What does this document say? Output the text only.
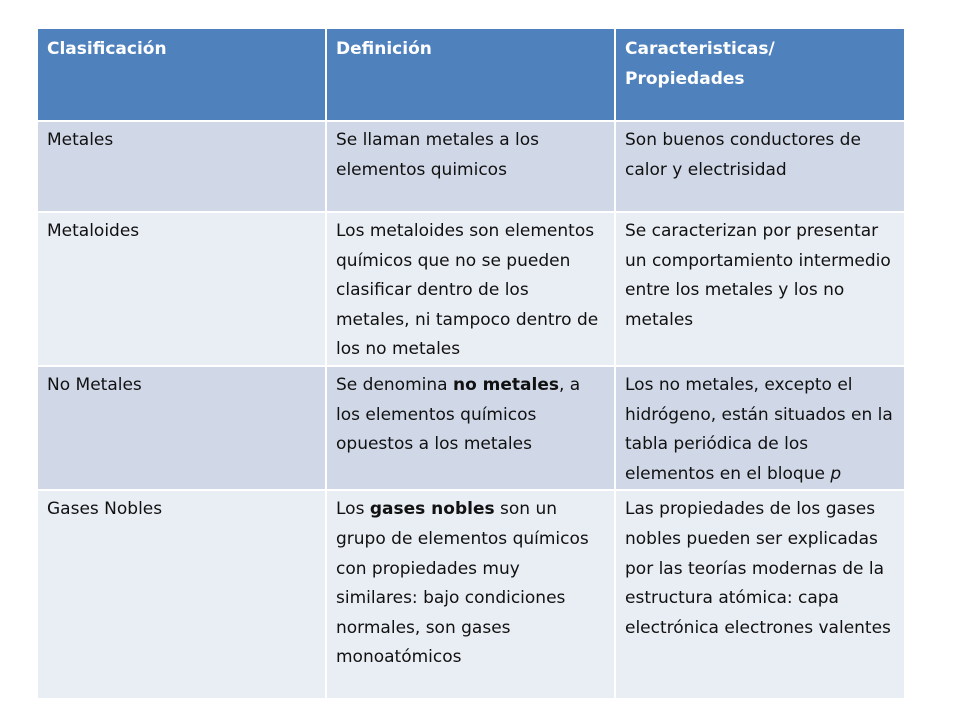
Clasificación	Definición	Caracteristicas/ Propiedades
Metales	Se llaman metales a los elementos quimicos	Son buenos conductores de calor y electrisidad
Metaloides	Los metaloides son elementos químicos que no se pueden clasificar dentro de los metales, ni tampoco dentro de los no metales	Se caracterizan por presentar un comportamiento intermedio entre los metales y los no metales
No Metales	Se denomina no metales, a los elementos químicos opuestos a los metales	Los no metales, excepto el hidrógeno, están situados en la tabla periódica de los elementos en el bloque p
Gases Nobles	Los gases nobles son un grupo de elementos químicos con propiedades muy similares: bajo condiciones normales, son gases monoatómicos	Las propiedades de los gases nobles pueden ser explicadas por las teorías modernas de la estructura atómica: capa electrónica electrones valentes
